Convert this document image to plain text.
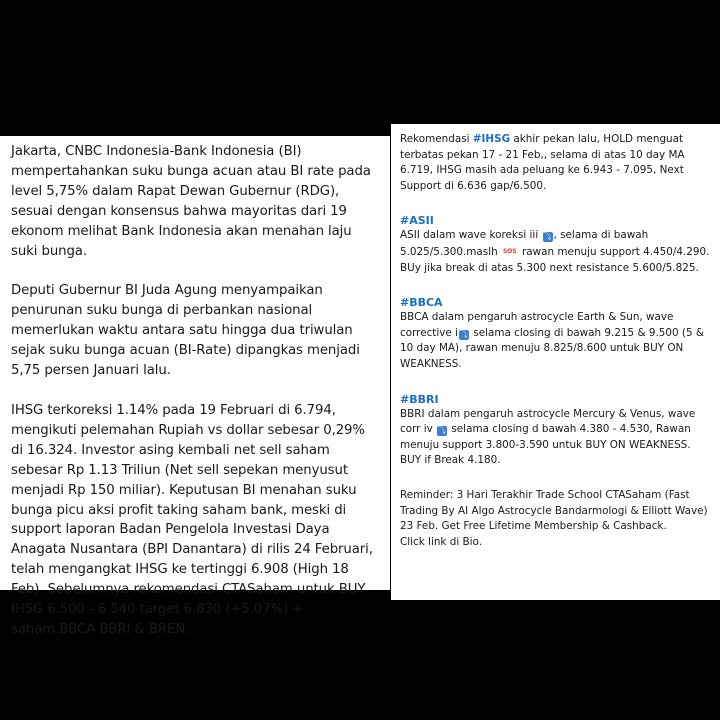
Jakarta, CNBC Indonesia-Bank Indonesia (BI) mempertahankan suku bunga acuan atau BI rate pada level 5,75% dalam Rapat Dewan Gubernur (RDG), sesuai dengan konsensus bahwa mayoritas dari 19 ekonom melihat Bank Indonesia akan menahan laju suki bunga.

Deputi Gubernur BI Juda Agung menyampaikan penurunan suku bunga di perbankan nasional memerlukan waktu antara satu hingga dua triwulan sejak suku bunga acuan (BI-Rate) dipangkas menjadi 5,75 persen Januari lalu.

IHSG terkoreksi 1.14% pada 19 Februari di 6.794, mengikuti pelemahan Rupiah vs dollar sebesar 0,29% di 16.324. Investor asing kembali net sell saham sebesar Rp 1.13 Triliun (Net sell sepekan menyusut menjadi Rp 150 miliar). Keputusan BI menahan suku bunga picu aksi profit taking saham bank, meski di support laporan Badan Pengelola Investasi Daya Anagata Nusantara (BPI Danantara) di rilis 24 Februari, telah mengangkat IHSG ke tertinggi 6.908 (High 18 Feb). Sebelumnya rekomendasi CTASaham untuk BUY IHSG 6.500 - 6 540 target 6.830 (+5.07%) + saham.BBCA BBRI & BREN.

Rekomendasi #IHSG akhir pekan lalu, HOLD menguat terbatas pekan 17 - 21 Feb,, selama di atas 10 day MA 6.719, IHSG masih ada peluang ke 6.943 - 7.095, Next Support di 6.636 gap/6.500.

#ASII

ASII dalam wave koreksi iii ⤵ , selama di bawah 5.025/5.300.maslh SOS rawan menuju support 4.450/4.290. BUy jika break di atas 5.300 next resistance 5.600/5.825.

#BBCA

BBCA dalam pengaruh astrocycle Earth & Sun, wave corrective i ⤵ selama closing di bawah 9.215 & 9.500 (5 & 10 day MA), rawan menuju 8.825/8.600 untuk BUY ON WEAKNESS.

#BBRI

BBRI dalam pengaruh astrocycle Mercury & Venus, wave corr iv ⤵ selama closing d bawah 4.380 - 4.530, Rawan menuju support 3.800-3.590 untuk BUY ON WEAKNESS. BUY if Break 4.180.

Reminder: 3 Hari Terakhir Trade School CTASaham (Fast Trading By AI Algo Astrocycle Bandarmologi & Elliott Wave) 23 Feb. Get Free Lifetime Membership & Cashback.

Click link di Bio.
